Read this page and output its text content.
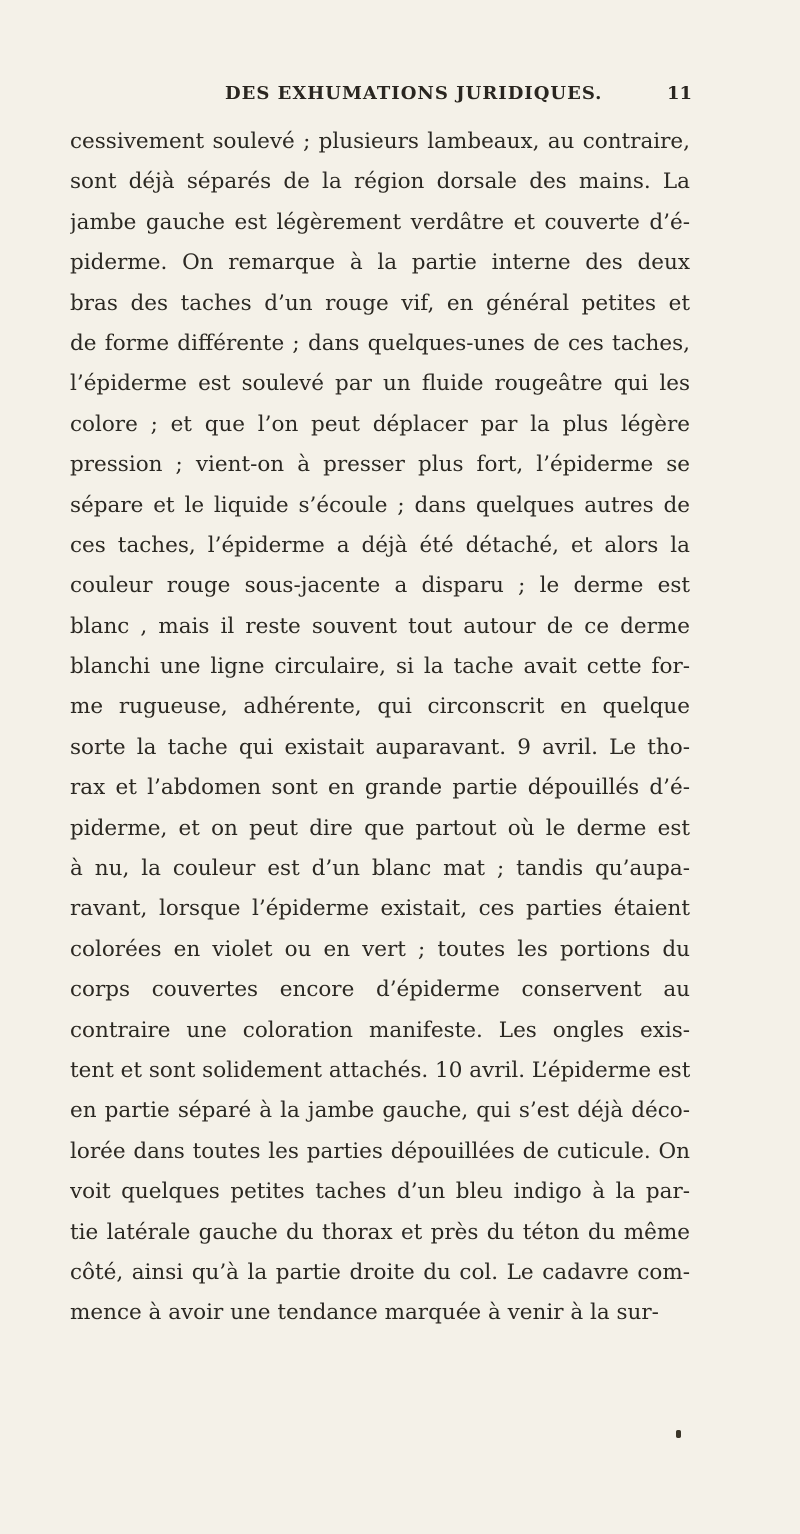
DES EXHUMATIONS JURIDIQUES.	11
cessivement soulevé ; plusieurs lambeaux, au contraire,
sont déjà séparés de la région dorsale des mains. La
jambe gauche est légèrement verdâtre et couverte d’é-
piderme. On remarque à la partie interne des deux
bras des taches d’un rouge vif, en général petites et
de forme différente ; dans quelques-unes de ces taches,
l’épiderme est soulevé par un fluide rougeâtre qui les
colore ; et que l’on peut déplacer par la plus légère
pression ; vient-on à presser plus fort, l’épiderme se
sépare et le liquide s’écoule ; dans quelques autres de
ces taches, l’épiderme a déjà été détaché, et alors la
couleur rouge sous-jacente a disparu ; le derme est
blanc , mais il reste souvent tout autour de ce derme
blanchi une ligne circulaire, si la tache avait cette for-
me rugueuse, adhérente, qui circonscrit en quelque
sorte la tache qui existait auparavant. 9 avril. Le tho-
rax et l’abdomen sont en grande partie dépouillés d’é-
piderme, et on peut dire que partout où le derme est
à nu, la couleur est d’un blanc mat ; tandis qu’aupa-
ravant, lorsque l’épiderme existait, ces parties étaient
colorées en violet ou en vert ; toutes les portions du
corps couvertes encore d’épiderme conservent au
contraire une coloration manifeste. Les ongles exis-
tent et sont solidement attachés. 10 avril. L’épiderme est
en partie séparé à la jambe gauche, qui s’est déjà déco-
lorée dans toutes les parties dépouillées de cuticule. On
voit quelques petites taches d’un bleu indigo à la par-
tie latérale gauche du thorax et près du téton du même
côté, ainsi qu’à la partie droite du col. Le cadavre com-
mence à avoir une tendance marquée à venir à la sur-
